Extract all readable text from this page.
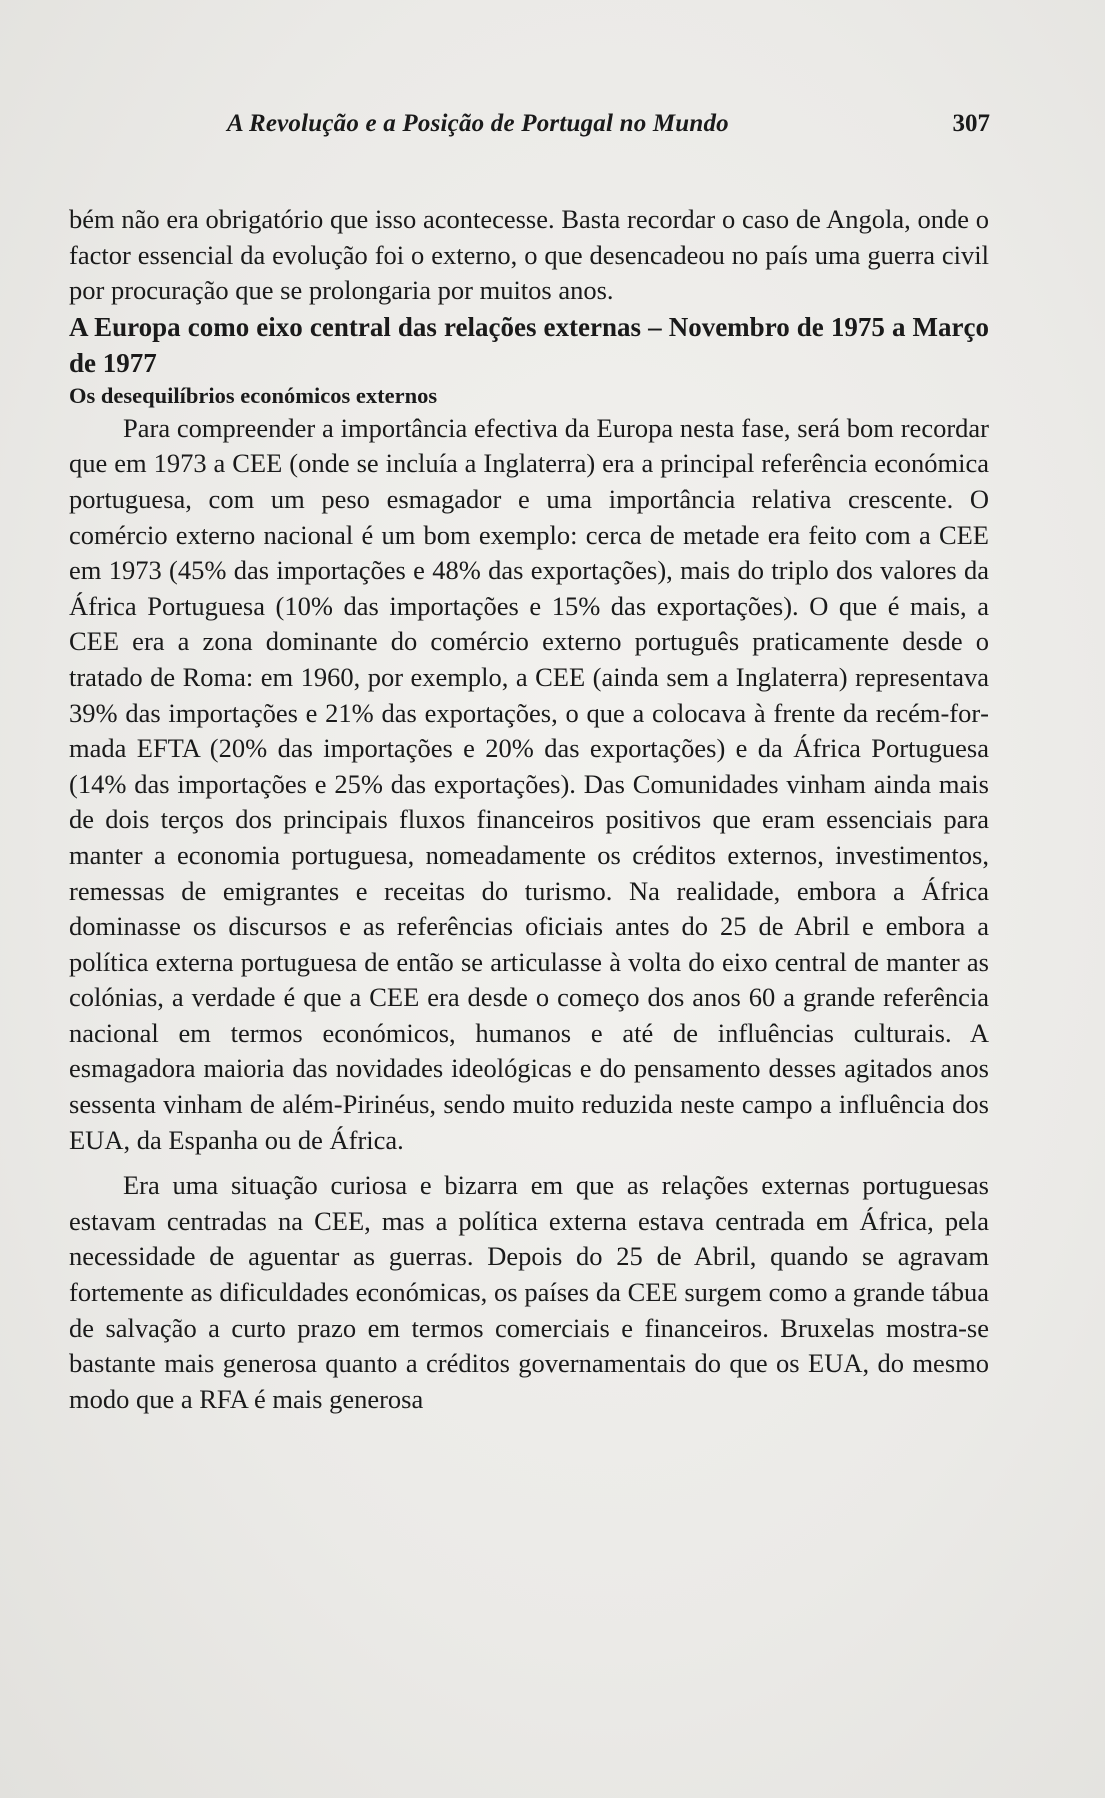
A Revolução e a Posição de Portugal no Mundo	307

bém não era obrigatório que isso acontecesse. Basta recordar o caso de Angola, onde o factor essencial da evolução foi o externo, o que desencadeou no país uma guerra civil por procuração que se prolongaria por muitos anos.

A Europa como eixo central das relações externas – Novembro de 1975 a Março de 1977

Os desequilíbrios económicos externos

Para compreender a importância efectiva da Europa nesta fase, será bom recordar que em 1973 a CEE (onde se incluía a Inglaterra) era a principal referência económica portuguesa, com um peso esmagador e uma importância relativa crescente. O comércio externo nacional é um bom exemplo: cerca de metade era feito com a CEE em 1973 (45% das importações e 48% das exportações), mais do triplo dos valores da África Portuguesa (10% das importações e 15% das exportações). O que é mais, a CEE era a zona dominante do comércio externo português praticamente desde o tratado de Roma: em 1960, por exemplo, a CEE (ainda sem a Inglaterra) representava 39% das importações e 21% das exportações, o que a colocava à frente da recém-formada EFTA (20% das importações e 20% das exportações) e da África Portuguesa (14% das importações e 25% das exportações). Das Comunidades vinham ainda mais de dois terços dos principais fluxos financeiros positivos que eram essenciais para manter a economia portuguesa, nomeadamente os créditos externos, investimentos, remessas de emigrantes e receitas do turismo. Na realidade, embora a África dominasse os discursos e as referências oficiais antes do 25 de Abril e embora a política externa portuguesa de então se articulasse à volta do eixo central de manter as colónias, a verdade é que a CEE era desde o começo dos anos 60 a grande referência nacional em termos económicos, humanos e até de influências culturais. A esmagadora maioria das novidades ideológicas e do pensamento desses agitados anos sessenta vinham de além-Pirinéus, sendo muito reduzida neste campo a influência dos EUA, da Espanha ou de África.

Era uma situação curiosa e bizarra em que as relações externas portuguesas estavam centradas na CEE, mas a política externa estava centrada em África, pela necessidade de aguentar as guerras. Depois do 25 de Abril, quando se agravam fortemente as dificuldades económicas, os países da CEE surgem como a grande tábua de salvação a curto prazo em termos comerciais e financeiros. Bruxelas mostra-se bastante mais generosa quanto a créditos governamentais do que os EUA, do mesmo modo que a RFA é mais generosa
